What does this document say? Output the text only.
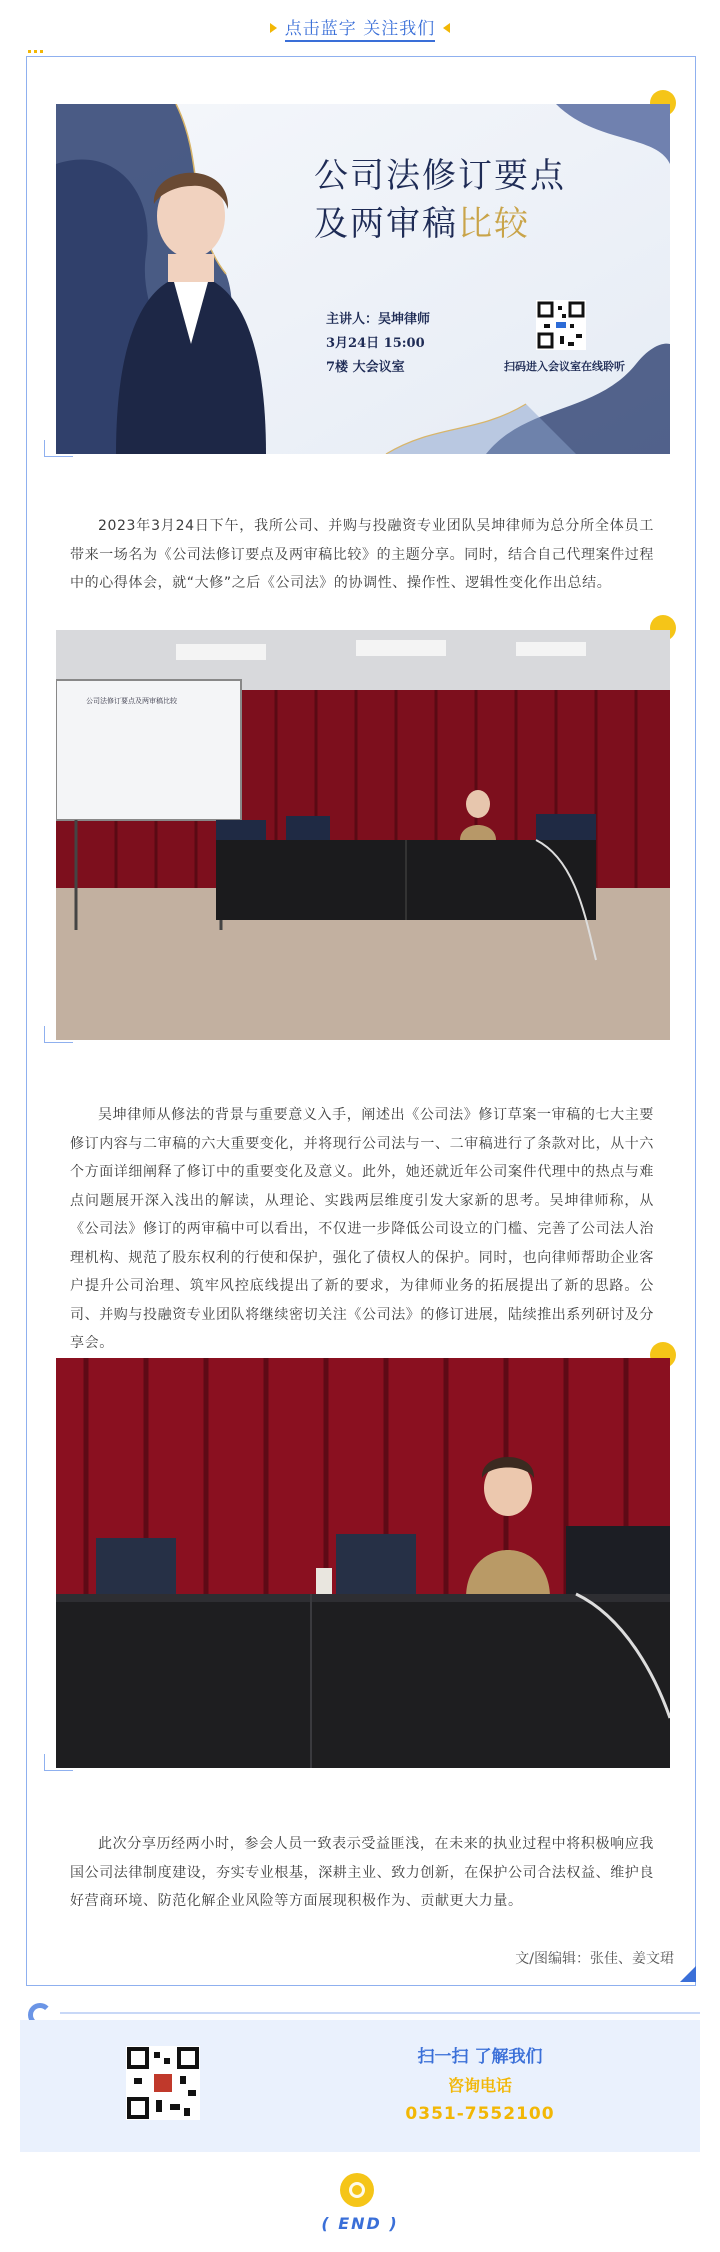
点击蓝字 关注我们
公司法修订要点
及两审稿比较
主讲人：吴坤律师
3月24日 15:00
7楼 大会议室	扫码进入会议室在线聆听

2023年3月24日下午，我所公司、并购与投融资专业团队吴坤律师为总分所全体员工带来一场名为《公司法修订要点及两审稿比较》的主题分享。同时，结合自己代理案件过程中的心得体会，就“大修”之后《公司法》的协调性、操作性、逻辑性变化作出总结。

公司法修订要点及两审稿比较

吴坤律师从修法的背景与重要意义入手，阐述出《公司法》修订草案一审稿的七大主要修订内容与二审稿的六大重要变化，并将现行公司法与一、二审稿进行了条款对比，从十六个方面详细阐释了修订中的重要变化及意义。此外，她还就近年公司案件代理中的热点与难点问题展开深入浅出的解读，从理论、实践两层维度引发大家新的思考。吴坤律师称，从《公司法》修订的两审稿中可以看出，不仅进一步降低公司设立的门槛、完善了公司法人治理机构、规范了股东权利的行使和保护，强化了债权人的保护。同时，也向律师帮助企业客户提升公司治理、筑牢风控底线提出了新的要求，为律师业务的拓展提出了新的思路。公司、并购与投融资专业团队将继续密切关注《公司法》的修订进展，陆续推出系列研讨及分享会。

此次分享历经两小时，参会人员一致表示受益匪浅，在未来的执业过程中将积极响应我国公司法律制度建设，夯实专业根基，深耕主业、致力创新，在保护公司合法权益、维护良好营商环境、防范化解企业风险等方面展现积极作为、贡献更大力量。

文/图编辑：张佳、姜文珺
扫一扫 了解我们
咨询电话
0351-7552100
( END )
